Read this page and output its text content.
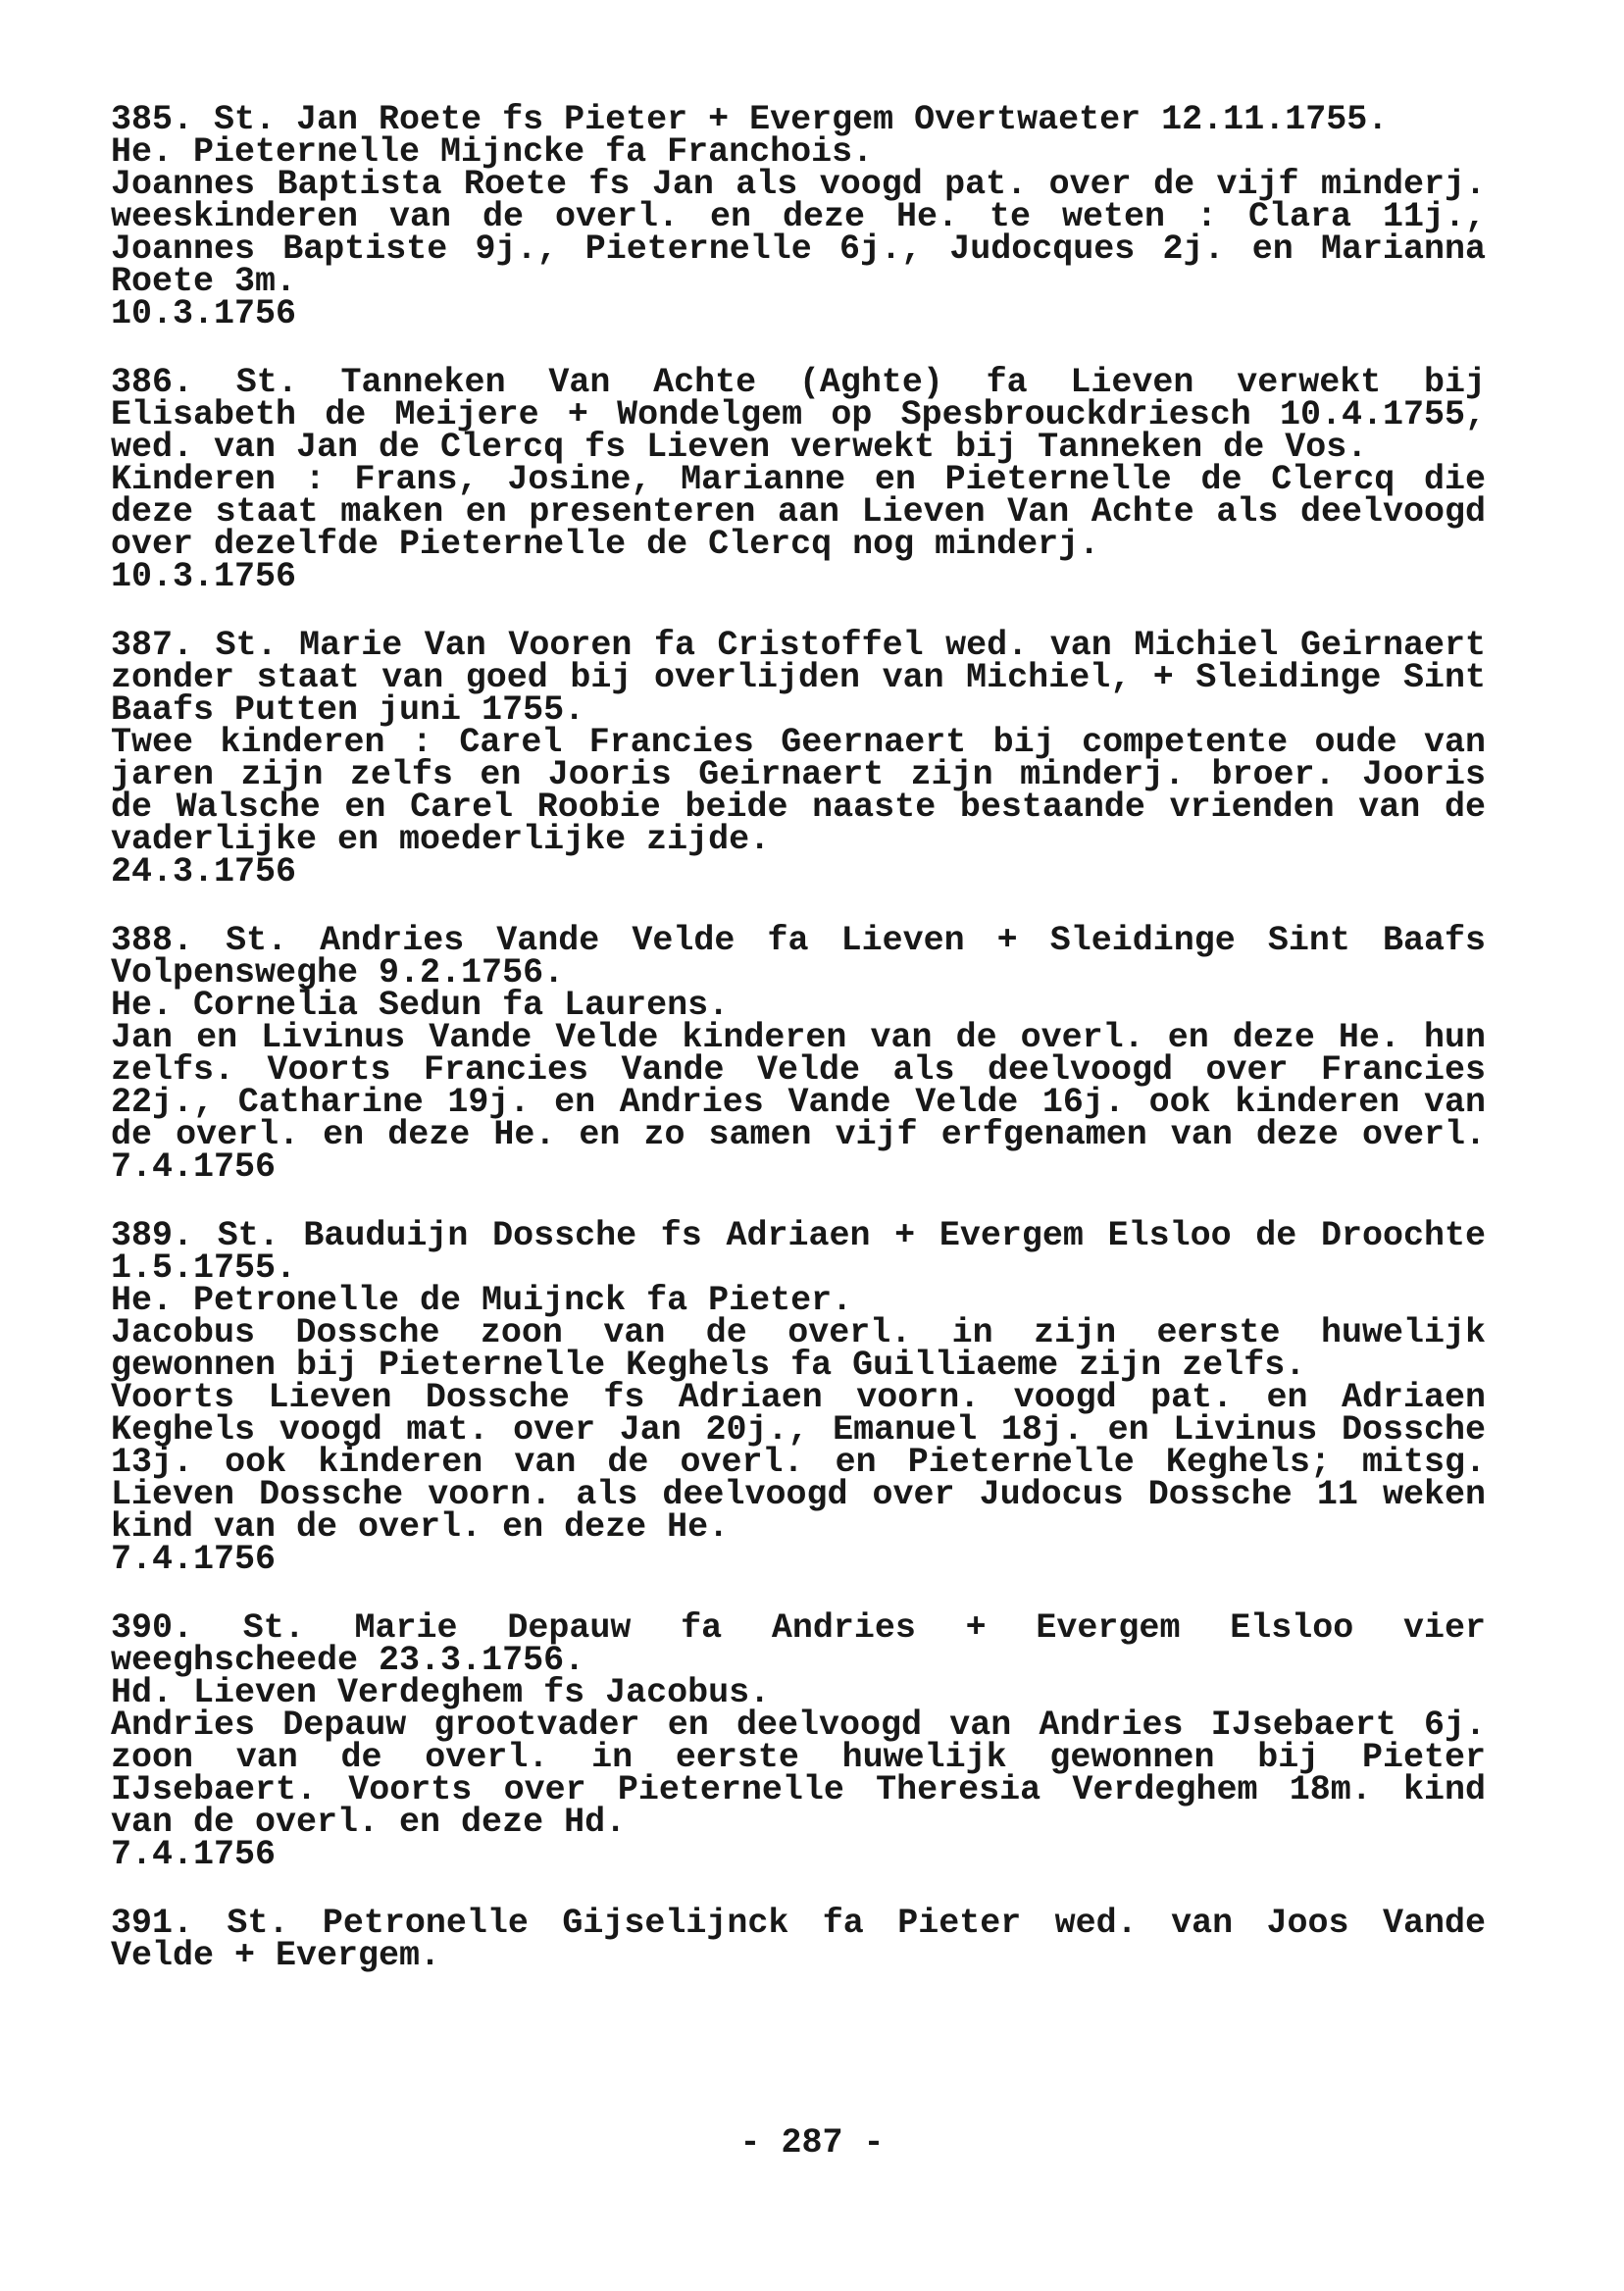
385. St. Jan Roete fs Pieter + Evergem Overtwaeter 12.11.1755.
He. Pieternelle Mijncke fa Franchois.
Joannes Baptista Roete fs Jan als voogd pat. over de vijf minderj.
weeskinderen van de overl. en deze He. te weten : Clara 11j.,
Joannes Baptiste 9j., Pieternelle 6j., Judocques 2j. en Marianna
Roete 3m.
10.3.1756
386. St. Tanneken Van Achte (Aghte) fa Lieven verwekt bij
Elisabeth de Meijere + Wondelgem op Spesbrouckdriesch 10.4.1755,
wed. van Jan de Clercq fs Lieven verwekt bij Tanneken de Vos.
Kinderen : Frans, Josine, Marianne en Pieternelle de Clercq die
deze staat maken en presenteren aan Lieven Van Achte als deelvoogd
over dezelfde Pieternelle de Clercq nog minderj.
10.3.1756
387. St. Marie Van Vooren fa Cristoffel wed. van Michiel Geirnaert
zonder staat van goed bij overlijden van Michiel, + Sleidinge Sint
Baafs Putten juni 1755.
Twee kinderen : Carel Francies Geernaert bij competente oude van
jaren zijn zelfs en Jooris Geirnaert zijn minderj. broer. Jooris
de Walsche en Carel Roobie beide naaste bestaande vrienden van de
vaderlijke en moederlijke zijde.
24.3.1756
388. St. Andries Vande Velde fa Lieven + Sleidinge Sint Baafs
Volpensweghe 9.2.1756.
He. Cornelia Sedun fa Laurens.
Jan en Livinus Vande Velde kinderen van de overl. en deze He. hun
zelfs. Voorts Francies Vande Velde als deelvoogd over Francies
22j., Catharine 19j. en Andries Vande Velde 16j. ook kinderen van
de overl. en deze He. en zo samen vijf erfgenamen van deze overl.
7.4.1756
389. St. Bauduijn Dossche fs Adriaen + Evergem Elsloo de Droochte
1.5.1755.
He. Petronelle de Muijnck fa Pieter.
Jacobus Dossche zoon van de overl. in zijn eerste huwelijk
gewonnen bij Pieternelle Keghels fa Guilliaeme zijn zelfs.
Voorts Lieven Dossche fs Adriaen voorn. voogd pat. en Adriaen
Keghels voogd mat. over Jan 20j., Emanuel 18j. en Livinus Dossche
13j. ook kinderen van de overl. en Pieternelle Keghels; mitsg.
Lieven Dossche voorn. als deelvoogd over Judocus Dossche 11 weken
kind van de overl. en deze He.
7.4.1756
390. St. Marie Depauw fa Andries + Evergem Elsloo vier
weeghscheede 23.3.1756.
Hd. Lieven Verdeghem fs Jacobus.
Andries Depauw grootvader en deelvoogd van Andries IJsebaert 6j.
zoon van de overl. in eerste huwelijk gewonnen bij Pieter
IJsebaert. Voorts over Pieternelle Theresia Verdeghem 18m. kind
van de overl. en deze Hd.
7.4.1756
391. St. Petronelle Gijselijnck fa Pieter wed. van Joos Vande
Velde + Evergem.
- 287 -
